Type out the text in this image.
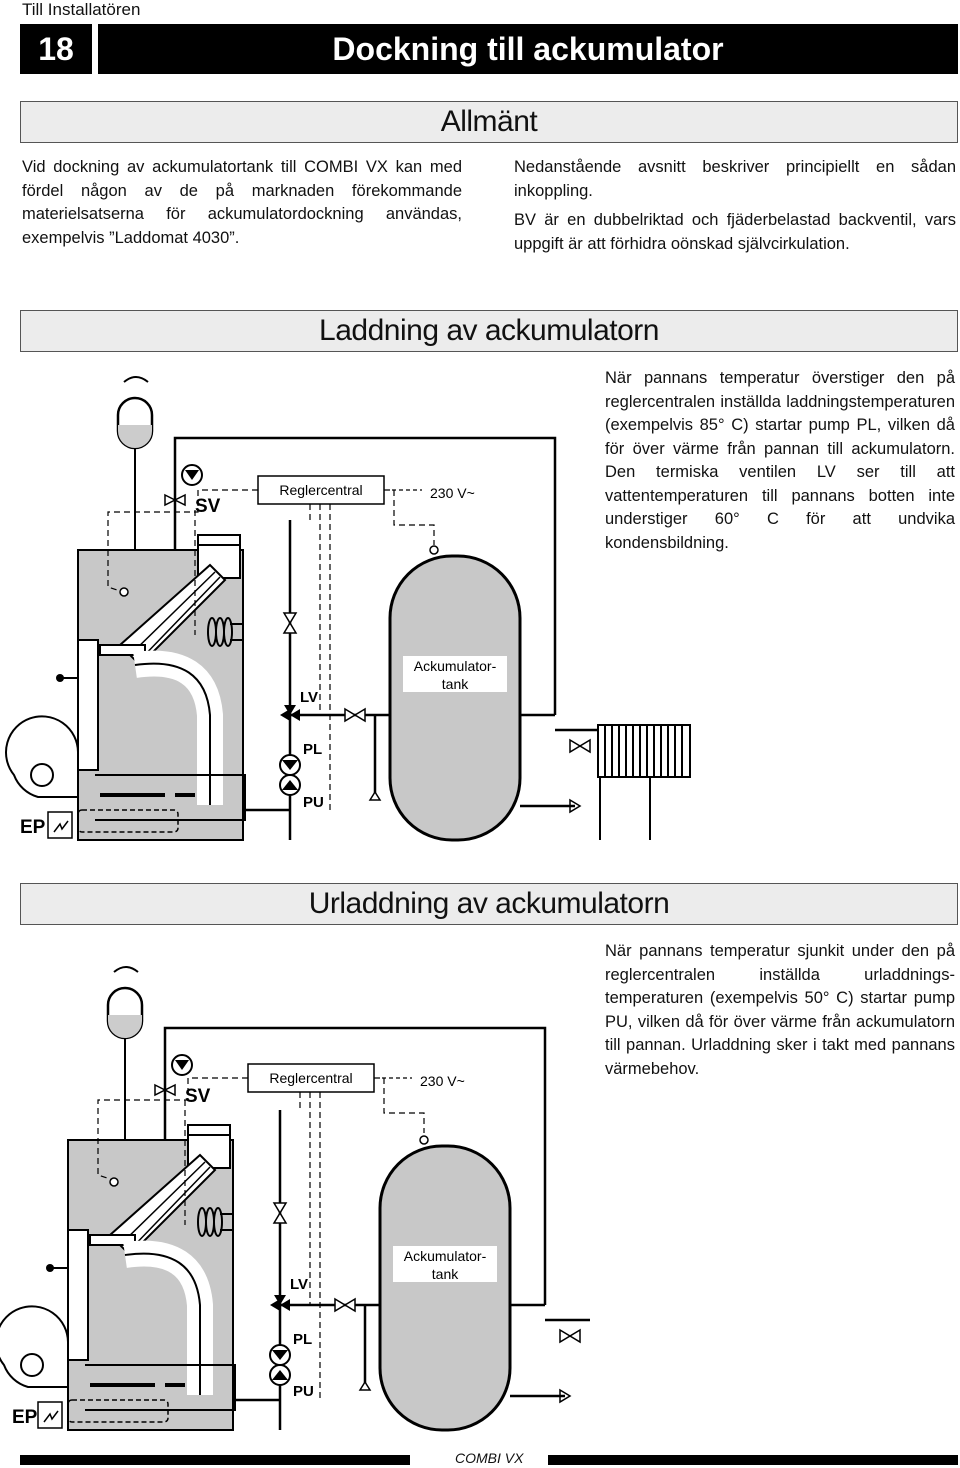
Till Installatören
18	Dockning till ackumulator
Allmänt

Vid dockning av ackumulatortank till COMBI VX kan med fördel någon av de på marknaden förekommande materielsatserna för ackumulatordockning användas, exempelvis ”Laddomat 4030”.

Nedanstående avsnitt beskriver principiellt en sådan inkoppling.

BV är en dubbelriktad och fjäderbelastad backventil, vars uppgift är att förhidra oönskad självcirkulation.

Laddning av ackumulatorn

När pannans temperatur överstiger den på reglercentralen inställda laddningstemperaturen (exempelvis 85° C) startar pump PL, vilken då för över värme från pannan till ackumulatorn. Den termiska ventilen LV ser till att vattentemperaturen till pannans botten inte understiger 60° C för att undvika kondensbildning.

EP
SV
Reglercentral	230 V~
Ackumulator-
tank
LV
PL
PU
Urladdning av ackumulatorn

När pannans temperatur sjunkit under den på reglercentralen inställda urladdningstemperaturen (exempelvis 50° C) startar pump PU, vilken då för över värme från ackumulatorn till pannan. Urladdning sker i takt med pannans värmebehov.

EP
SV
Reglercentral	230 V~
Ackumulator-
tank
LV
PL
PU
COMBI VX
